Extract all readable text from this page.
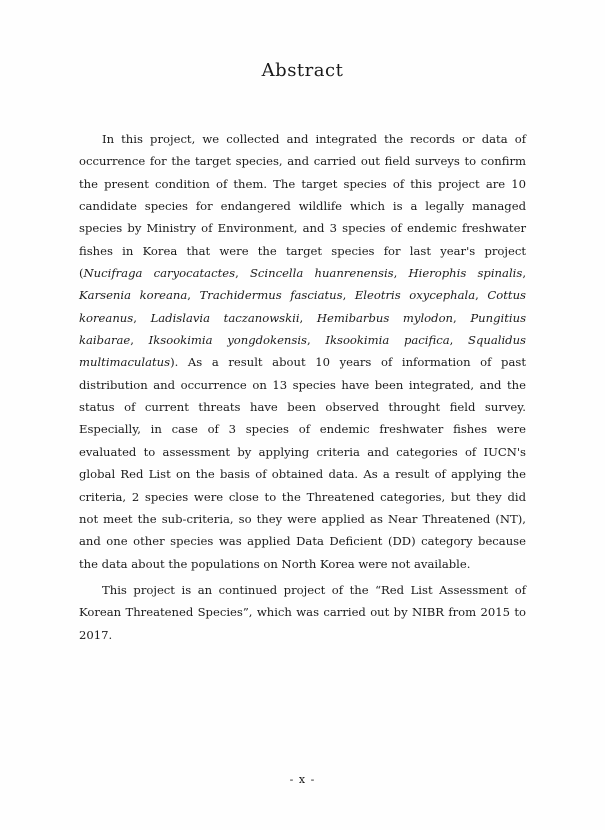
Abstract

In this project, we collected and integrated the records or data of occurrence for the target species, and carried out field surveys to confirm the present condition of them. The target species of this project are 10 candidate species for endangered wildlife which is a legally managed species by Ministry of Environment, and 3 species of endemic freshwater fishes in Korea that were the target species for last year's project (Nucifraga caryocatactes, Scincella huanrenensis, Hierophis spinalis, Karsenia koreana, Trachidermus fasciatus, Eleotris oxycephala, Cottus koreanus, Ladislavia taczanowskii, Hemibarbus mylodon, Pungitius kaibarae, Iksookimia yongdokensis, Iksookimia pacifica, Squalidus multimaculatus). As a result about 10 years of information of past distribution and occurrence on 13 species have been integrated, and the status of current threats have been observed throught field survey. Especially, in case of 3 species of endemic freshwater fishes were evaluated to assessment by applying criteria and categories of IUCN's global Red List on the basis of obtained data. As a result of applying the criteria, 2 species were close to the Threatened categories, but they did not meet the sub-criteria, so they were applied as Near Threatened (NT), and one other species was applied Data Deficient (DD) category because the data about the populations on North Korea were not available.

This project is an continued project of the “Red List Assessment of Korean Threatened Species”, which was carried out by NIBR from 2015 to 2017.

- x -
